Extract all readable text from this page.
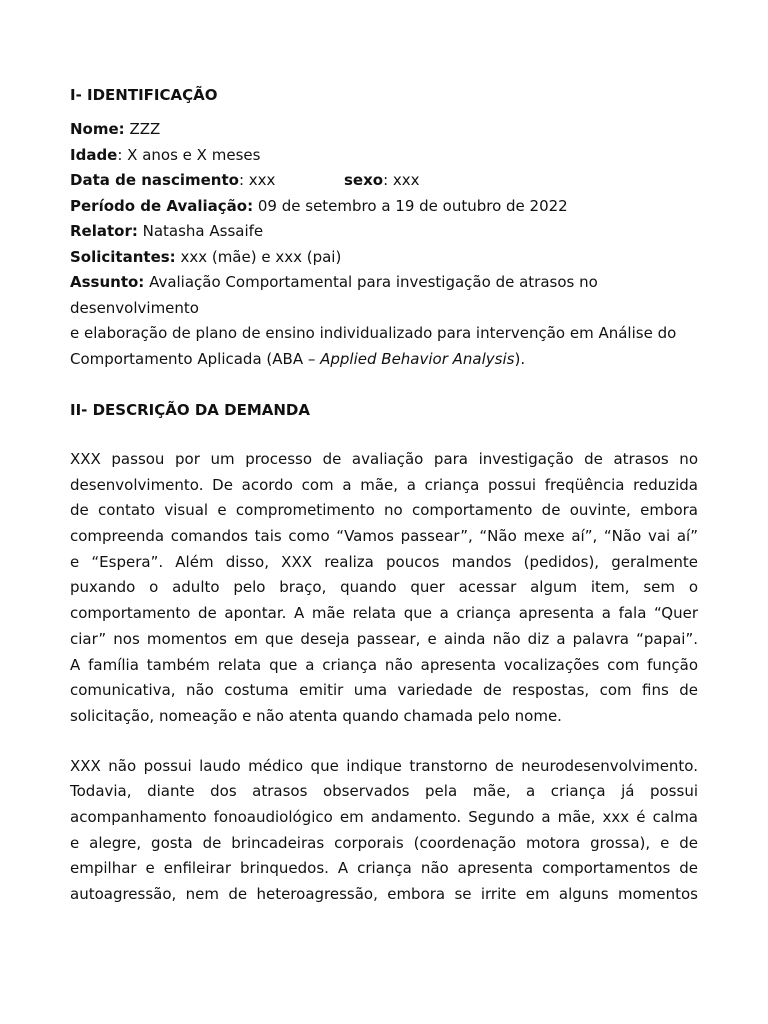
I- IDENTIFICAÇÃO
Nome: ZZZ
Idade: X anos e X meses
Data de nascimento: xxx	sexo: xxx
Período de Avaliação: 09 de setembro a 19 de outubro de 2022
Relator: Natasha Assaife
Solicitantes: xxx (mãe) e xxx (pai)
Assunto: Avaliação Comportamental para investigação de atrasos no
desenvolvimento
e elaboração de plano de ensino individualizado para intervenção em Análise do
Comportamento Aplicada (ABA – Applied Behavior Analysis).
II- DESCRIÇÃO DA DEMANDA
XXX passou por um processo de avaliação para investigação de atrasos no
desenvolvimento. De acordo com a mãe, a criança possui freqüência reduzida
de contato visual e comprometimento no comportamento de ouvinte, embora
compreenda comandos tais como “Vamos passear”, “Não mexe aí”, “Não vai aí”
e “Espera”. Além disso, XXX realiza poucos mandos (pedidos), geralmente
puxando o adulto pelo braço, quando quer acessar algum item, sem o
comportamento de apontar. A mãe relata que a criança apresenta a fala “Quer
ciar” nos momentos em que deseja passear, e ainda não diz a palavra “papai”.
A família também relata que a criança não apresenta vocalizações com função
comunicativa, não costuma emitir uma variedade de respostas, com fins de
solicitação, nomeação e não atenta quando chamada pelo nome.
XXX não possui laudo médico que indique transtorno de neurodesenvolvimento.
Todavia, diante dos atrasos observados pela mãe, a criança já possui
acompanhamento fonoaudiológico em andamento. Segundo a mãe, xxx é calma
e alegre, gosta de brincadeiras corporais (coordenação motora grossa), e de
empilhar e enfileirar brinquedos. A criança não apresenta comportamentos de
autoagressão, nem de heteroagressão, embora se irrite em alguns momentos
